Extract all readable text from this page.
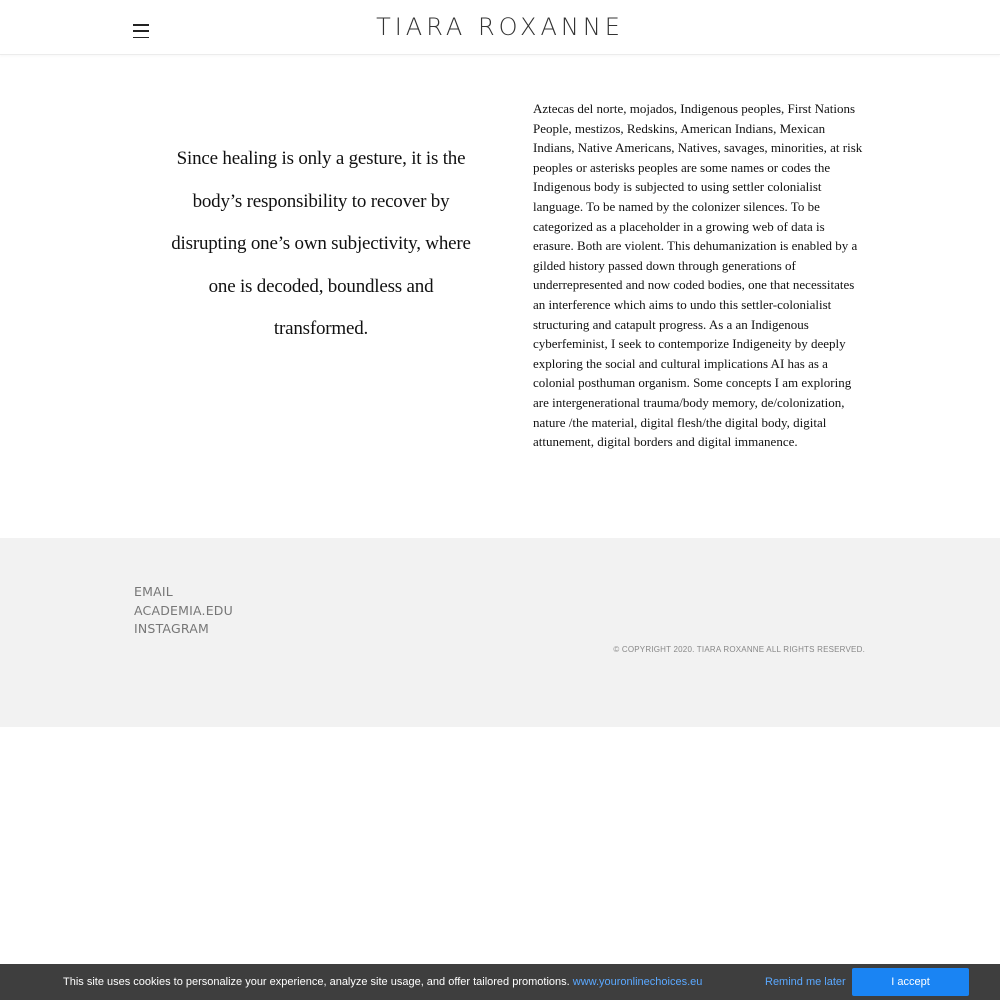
TIARA ROXANNE

Since healing is only a gesture, it is the body’s responsibility to recover by disrupting one’s own subjectivity, where one is decoded, boundless and transformed.

Aztecas del norte, mojados, Indigenous peoples, First Nations People, mestizos, Redskins, American Indians, Mexican Indians, Native Americans, Natives, savages, minorities, at risk peoples or asterisks peoples are some names or codes the Indigenous body is subjected to using settler colonialist language. To be named by the colonizer silences. To be categorized as a placeholder in a growing web of data is erasure. Both are violent. This dehumanization is enabled by a gilded history passed down through generations of underrepresented and now coded bodies, one that necessitates an interference which aims to undo this settler-colonialist structuring and catapult progress. As a an Indigenous cyberfeminist, I seek to contemporize Indigeneity by deeply exploring the social and cultural implications AI has as a colonial posthuman organism. Some concepts I am exploring are intergenerational trauma/body memory, de/colonization, nature /the material, digital flesh/the digital body, digital attunement, digital borders and digital immanence.

EMAIL
ACADEMIA.EDU
INSTAGRAM
© COPYRIGHT 2020. TIARA ROXANNE ALL RIGHTS RESERVED.
This site uses cookies to personalize your experience, analyze site usage, and offer tailored promotions. www.youronlinechoices.eu	Remind me later	I accept
